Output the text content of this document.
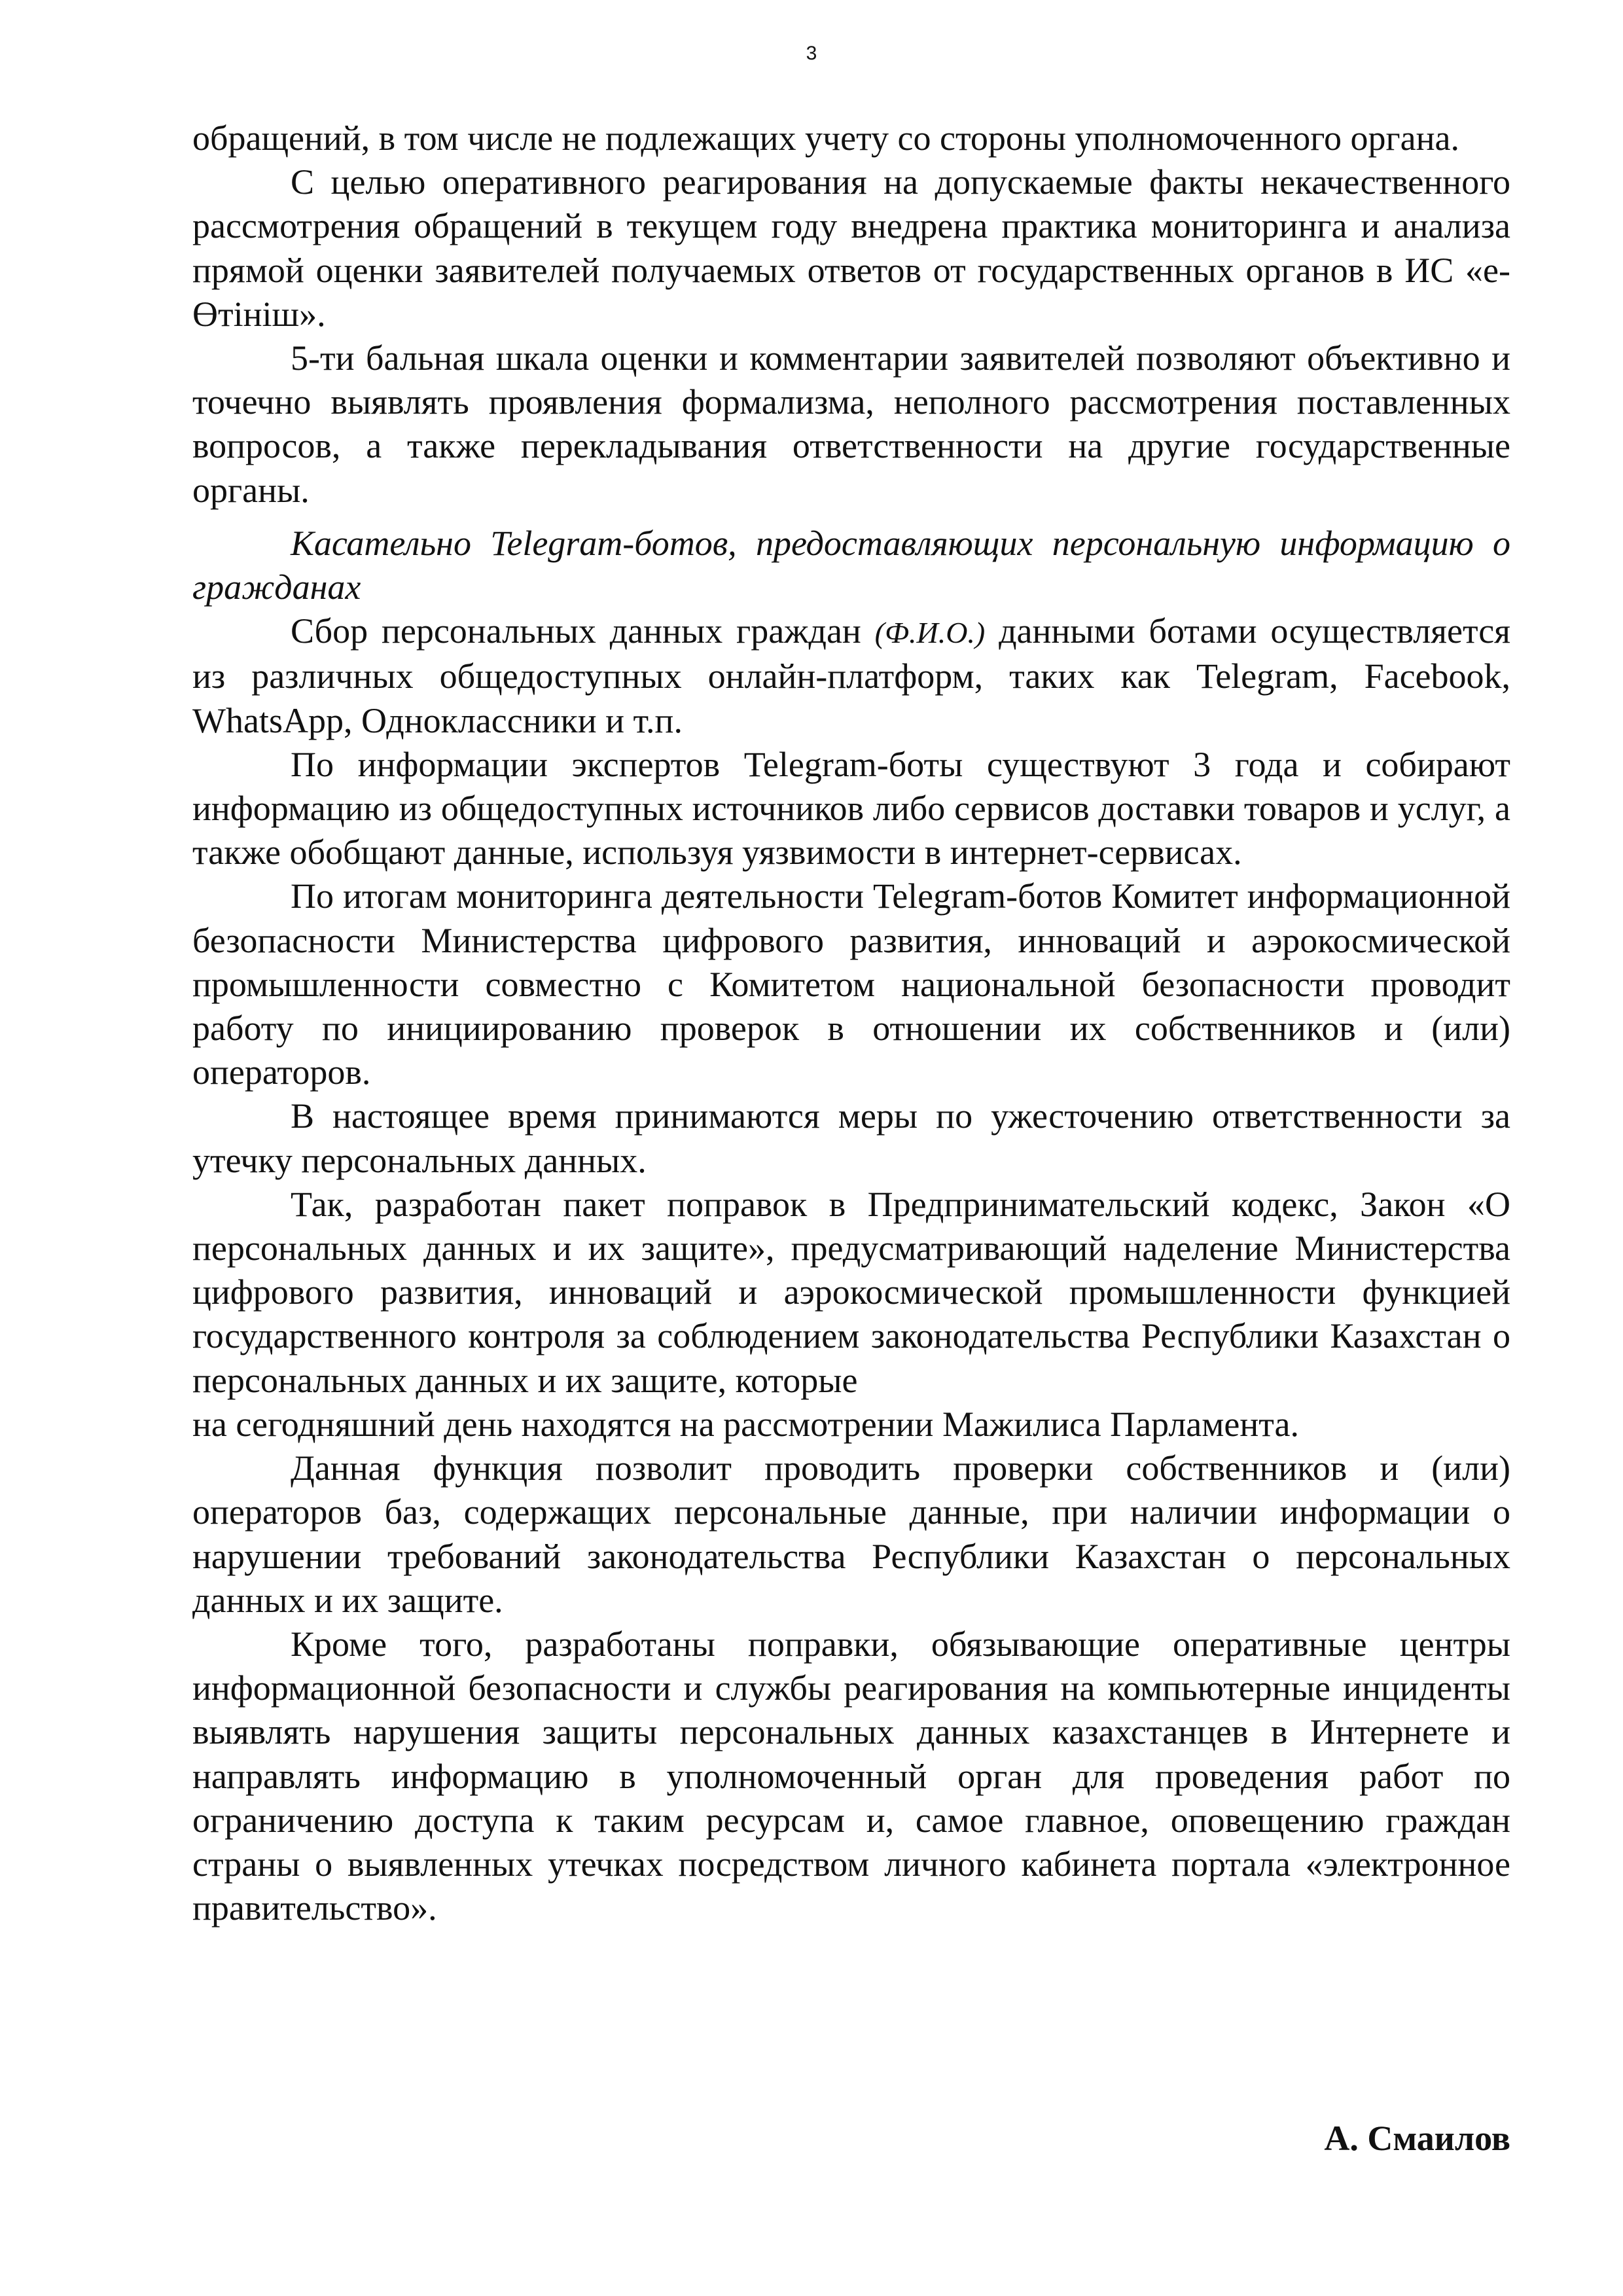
3

обращений, в том числе не подлежащих учету со стороны уполномоченного органа.

С целью оперативного реагирования на допускаемые факты некачественного рассмотрения обращений в текущем году внедрена практика мониторинга и анализа прямой оценки заявителей получаемых ответов от государственных органов в ИС «е-Өтініш».

5-ти бальная шкала оценки и комментарии заявителей позволяют объективно и точечно выявлять проявления формализма, неполного рассмотрения поставленных вопросов, а также перекладывания ответственности на другие государственные органы.

Касательно Telegram-ботов, предоставляющих персональную информацию о гражданах

Сбор персональных данных граждан (Ф.И.О.) данными ботами осуществляется из различных общедоступных онлайн-платформ, таких как Telegram, Facebook, WhatsApp, Одноклассники и т.п.

По информации экспертов Telegram-боты существуют 3 года и собирают информацию из общедоступных источников либо сервисов доставки товаров и услуг, а также обобщают данные, используя уязвимости в интернет-сервисах.

По итогам мониторинга деятельности Telegram-ботов Комитет информационной безопасности Министерства цифрового развития, инноваций и аэрокосмической промышленности совместно с Комитетом национальной безопасности проводит работу по инициированию проверок в отношении их собственников и (или) операторов.

В настоящее время принимаются меры по ужесточению ответственности за утечку персональных данных.

Так, разработан пакет поправок в Предпринимательский кодекс, Закон «О персональных данных и их защите», предусматривающий наделение Министерства цифрового развития, инноваций и аэрокосмической промышленности функцией государственного контроля за соблюдением законодательства Республики Казахстан о персональных данных и их защите, которые

на сегодняшний день находятся на рассмотрении Мажилиса Парламента.

Данная функция позволит проводить проверки собственников и (или) операторов баз, содержащих персональные данные, при наличии информации о нарушении требований законодательства Республики Казахстан о персональных данных и их защите.

Кроме того, разработаны поправки, обязывающие оперативные центры информационной безопасности и службы реагирования на компьютерные инциденты выявлять нарушения защиты персональных данных казахстанцев в Интернете и направлять информацию в уполномоченный орган для проведения работ по ограничению доступа к таким ресурсам и, самое главное, оповещению граждан страны о выявленных утечках посредством личного кабинета портала «электронное правительство».

А. Смаилов
